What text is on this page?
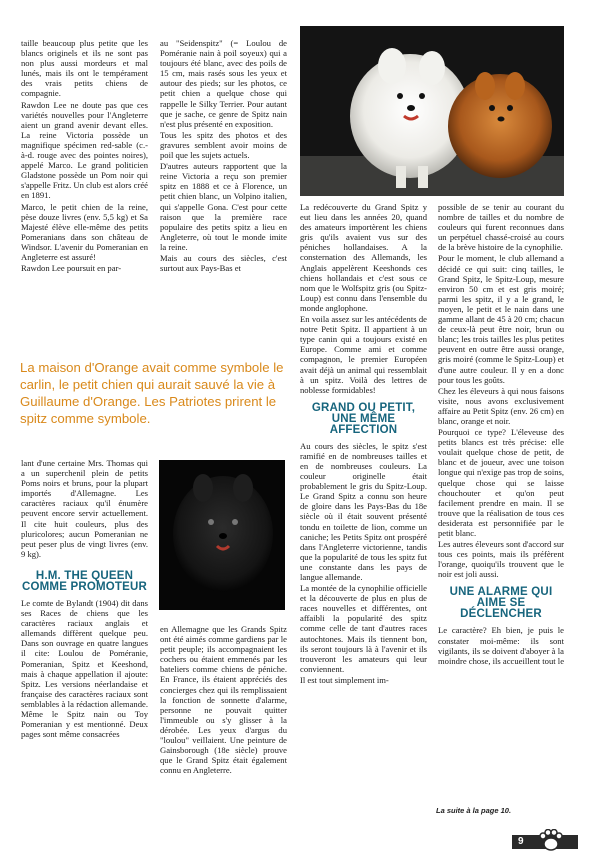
taille beaucoup plus petite que les blancs originels et ils ne sont pas non plus aussi mordeurs et mal lunés, mais ils ont le tempérament des vrais petits chiens de compagnie.

Rawdon Lee ne doute pas que ces variétés nouvelles pour l'Angleterre aient un grand avenir devant elles. La reine Victoria possède un magnifique spécimen red-sable (c.-à-d. rouge avec des pointes noires), appelé Marco. Le grand politicien Gladstone possède un Pom noir qui s'appelle Fritz. Un club est alors créé en 1891.

Marco, le petit chien de la reine, pèse douze livres (env. 5,5 kg) et Sa Majesté élève elle-même des petits Pomeranians dans son château de Windsor. L'avenir du Pomeranian en Angleterre est assuré!

Rawdon Lee poursuit en par-

au "Seidenspitz" (= Loulou de Poméranie nain à poil soyeux) qui a toujours été blanc, avec des poils de 15 cm, mais rasés sous les yeux et autour des pieds; sur les photos, ce petit chien a quelque chose qui rappelle le Silky Terrier. Pour autant que je sache, ce genre de Spitz nain n'est plus présenté en exposition.

Tous les spitz des photos et des gravures semblent avoir moins de poil que les sujets actuels.

D'autres auteurs rapportent que la reine Victoria a reçu son premier spitz en 1888 et ce à Florence, un petit chien blanc, un Volpino italien, qui s'appelle Gona. C'est pour cette raison que la première race populaire des petits spitz a lieu en Angleterre, où tout le monde imite la reine.

Mais au cours des siècles, c'est surtout aux Pays-Bas et

La maison d'Orange avait comme symbole le carlin, le petit chien qui aurait sauvé la vie à Guillaume d'Orange. Les Patriotes prirent le spitz comme symbole.

lant d'une certaine Mrs. Thomas qui a un superchenil plein de petits Poms noirs et bruns, pour la plupart importés d'Allemagne. Les caractères raciaux qu'il énumère peuvent encore servir actuellement. Il cite huit couleurs, plus des pluricolores; aucun Pomeranian ne peut peser plus de vingt livres (env. 9 kg).

H.M. THE QUEEN COMME PROMOTEUR

Le comte de Bylandt (1904) dit dans ses Races de chiens que les caractères raciaux anglais et allemands diffèrent quelque peu. Dans son ouvrage en quatre langues il cite: Loulou de Poméranie, Pomeranian, Spitz et Keeshond, mais à chaque appellation il ajoute: Spitz. Les versions néerlandaise et française des caractères raciaux sont semblables à la rédaction allemande. Même le Spitz nain ou Toy Pomeranian y est mentionné. Deux pages sont même consacrées

en Allemagne que les Grands Spitz ont été aimés comme gardiens par le petit peuple; ils accompagnaient les cochers ou étaient emmenés par les bateliers comme chiens de péniche. En France, ils étaient appréciés des concierges chez qui ils remplissaient la fonction de sonnette d'alarme, personne ne pouvait quitter l'immeuble ou s'y glisser à la dérobée. Les yeux d'argus du "loulou" veillaient. Une peinture de Gainsborough (18e siècle) prouve que le Grand Spitz était également connu en Angleterre.

La redécouverte du Grand Spitz y eut lieu dans les années 20, quand des amateurs importèrent les chiens gris qu'ils avaient vus sur des péniches hollandaises. A la consternation des Allemands, les Anglais appelèrent Keeshonds ces chiens hollandais et c'est sous ce nom que le Wolfspitz gris (ou Spitz-Loup) est connu dans l'ensemble du monde anglophone.

En voila assez sur les antécédents de notre Petit Spitz. Il appartient à un type canin qui a toujours existé en Europe. Comme ami et comme compagnon, le premier Européen avait déjà un animal qui ressemblait à un spitz. Voilà des lettres de noblesse formidables!

GRAND OU PETIT, UNE MÊME AFFECTION

Au cours des siècles, le spitz s'est ramifié en de nombreuses tailles et en de nombreuses couleurs. La couleur originelle était probablement le gris du Spitz-Loup. Le Grand Spitz a connu son heure de gloire dans les Pays-Bas du 18e siècle où il était souvent présenté tondu en toilette de lion, comme un caniche; les Petits Spitz ont prospéré dans l'Angleterre victorienne, tandis que la popularité de tous les spitz fut une constante dans les pays de langue allemande.

La montée de la cynophilie officielle et la découverte de plus en plus de races nouvelles et différentes, ont affaibli la popularité des spitz comme celle de tant d'autres races autochtones. Mais ils tiennent bon, ils seront toujours là à l'avenir et ils trouveront les amateurs qui leur conviennent.

Il est tout simplement im-

possible de se tenir au courant du nombre de tailles et du nombre de couleurs qui furent reconnues dans un perpétuel chassé-croisé au cours de la brève histoire de la cynophilie.

Pour le moment, le club allemand a décidé ce qui suit: cinq tailles, le Grand Spitz, le Spitz-Loup, mesure environ 50 cm et est gris moiré; parmi les spitz, il y a le grand, le moyen, le petit et le nain dans une gamme allant de 45 à 20 cm; chacun de ceux-là peut être noir, brun ou blanc; les trois tailles les plus petites peuvent en outre être aussi orange, gris moiré (comme le Spitz-Loup) et d'une autre couleur. Il y en a donc pour tous les goûts.

Chez les éleveurs à qui nous faisons visite, nous avons exclusivement affaire au Petit Spitz (env. 26 cm) en blanc, orange et noir.

Pourquoi ce type? L'éleveuse des petits blancs est très précise: elle voulait quelque chose de petit, de blanc et de joueur, avec une toison longue qui n'exige pas trop de soins, quelque chose qui se laisse chouchouter et qu'on peut facilement prendre en main. Il se trouve que la réalisation de tous ces desiderata est personnifiée par le petit blanc.

Les autres éleveurs sont d'accord sur tous ces points, mais ils préfèrent l'orange, quoiqu'ils trouvent que le noir est joli aussi.

UNE ALARME QUI AIME SE DÉCLENCHER

Le caractère? Eh bien, je puis le constater moi-même: ils sont vigilants, ils se doivent d'aboyer à la moindre chose, ils accueillent tout le

La suite à la page 10.
9
